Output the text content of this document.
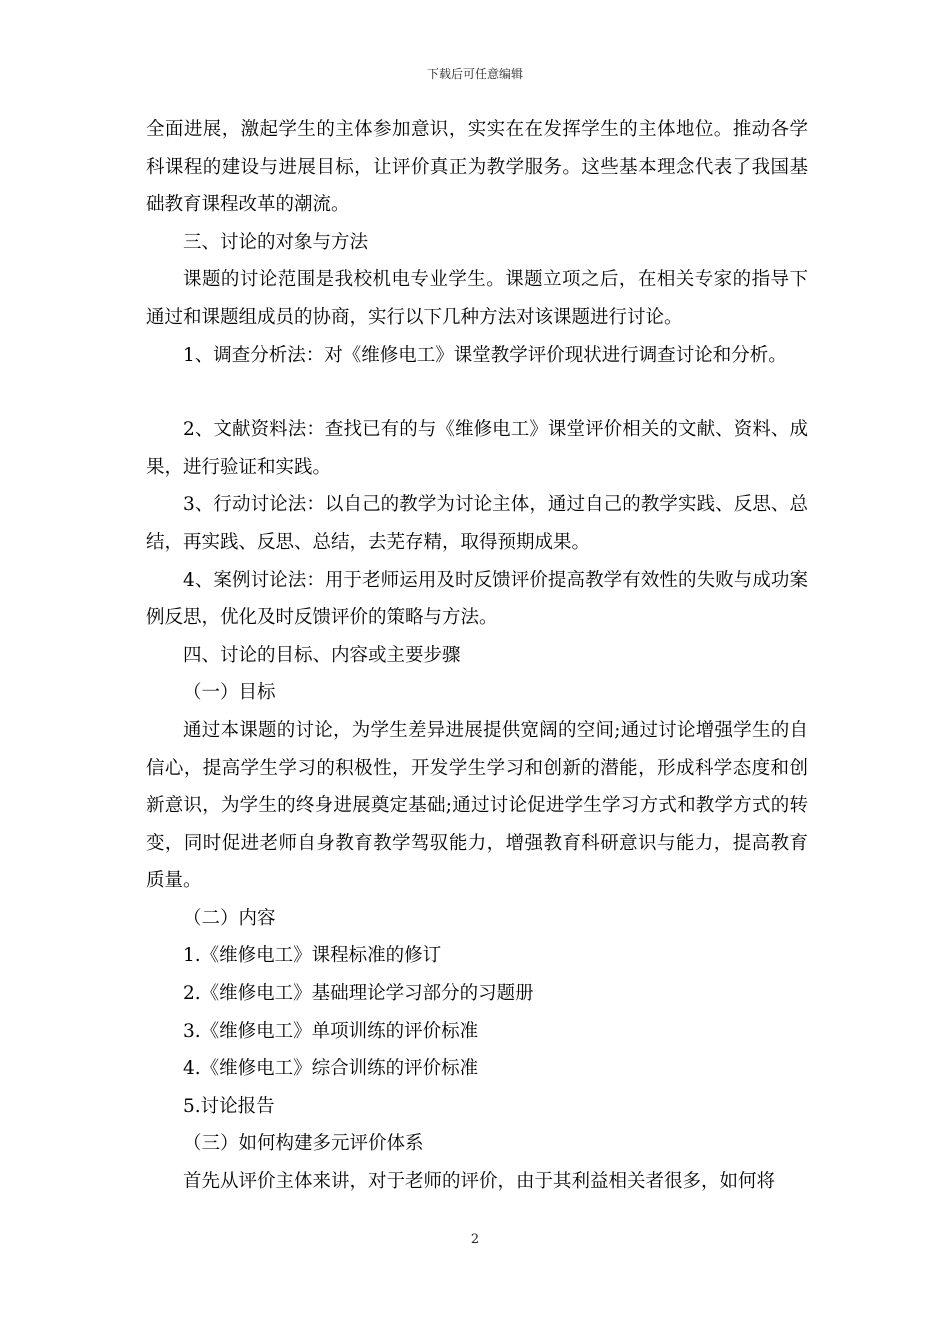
下载后可任意编辑

全面进展，激起学生的主体参加意识，实实在在发挥学生的主体地位。推动各学科课程的建设与进展目标，让评价真正为教学服务。这些基本理念代表了我国基础教育课程改革的潮流。

三、讨论的对象与方法

课题的讨论范围是我校机电专业学生。课题立项之后，在相关专家的指导下通过和课题组成员的协商，实行以下几种方法对该课题进行讨论。

1、调查分析法：对《维修电工》课堂教学评价现状进行调查讨论和分析。

2、文献资料法：查找已有的与《维修电工》课堂评价相关的文献、资料、成果，进行验证和实践。

3、行动讨论法：以自己的教学为讨论主体，通过自己的教学实践、反思、总结，再实践、反思、总结，去芜存精，取得预期成果。

4、案例讨论法：用于老师运用及时反馈评价提高教学有效性的失败与成功案例反思，优化及时反馈评价的策略与方法。

四、讨论的目标、内容或主要步骤

（一）目标

通过本课题的讨论，为学生差异进展提供宽阔的空间;通过讨论增强学生的自信心，提高学生学习的积极性，开发学生学习和创新的潜能，形成科学态度和创新意识，为学生的终身进展奠定基础;通过讨论促进学生学习方式和教学方式的转变，同时促进老师自身教育教学驾驭能力，增强教育科研意识与能力，提高教育质量。

（二）内容

1.《维修电工》课程标准的修订

2.《维修电工》基础理论学习部分的习题册

3.《维修电工》单项训练的评价标准

4.《维修电工》综合训练的评价标准

5.讨论报告

（三）如何构建多元评价体系

首先从评价主体来讲，对于老师的评价，由于其利益相关者很多，如何将

2
